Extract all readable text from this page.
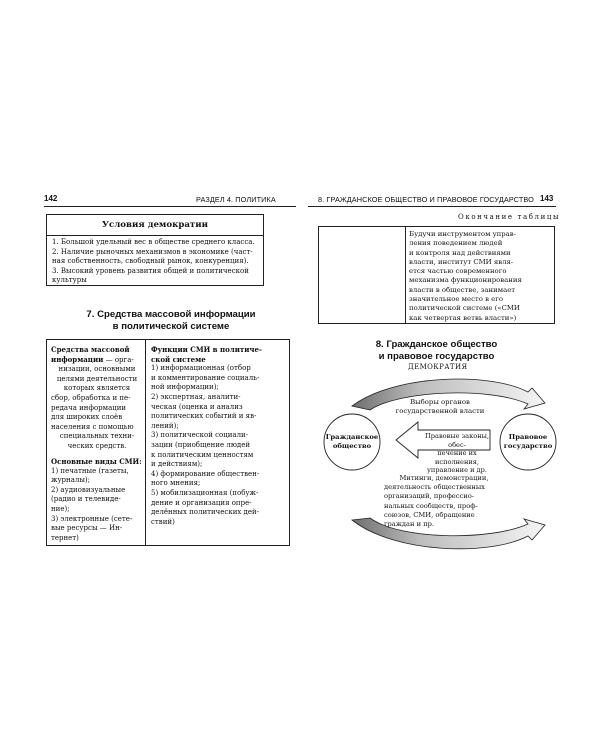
142	РАЗДЕЛ 4. ПОЛИТИКА
Условия демократии
1. Большой удельный вес в обществе среднего класса.
2. Наличие рыночных механизмов в экономике (част-
ная собственность, свободный рынок, конкуренция).
3. Высокий уровень развития общей и политической
культуры
7. Средства массовой информации
в политической системе
Средства массовой
информации — орга-
низации, основными
целями деятельности
которых является
сбор, обработка и пе-
редача информации
для широких слоёв
населения с помощью
специальных техни-
ческих средств.
Основные виды СМИ:
1) печатные (газеты,
журналы);
2) аудиовизуальные
(радио и телевиде-
ние);
3) электронные (сете-
вые ресурсы — Ин-
тернет)
Функции СМИ в политиче-
ской системе
1) информационная (отбор
и комментирование социаль-
ной информации);
2) экспертная, аналити-
ческая (оценка и анализ
политических событий и яв-
лений);
3) политической социали-
зации (приобщение людей
к политическим ценностям
и действиям);
4) формирование обществен-
ного мнения;
5) мобилизационная (побуж-
дение и организация опре-
делённых политических дей-
ствий)
8. ГРАЖДАНСКОЕ ОБЩЕСТВО И ПРАВОВОЕ ГОСУДАРСТВО 143
Окончание таблицы
Будучи инструментом управ-
ления поведением людей
и контроля над действиями
власти, институт СМИ явля-
ется частью современного
механизма функционирования
власти в обществе, занимает
значительное место в его
политической системе («СМИ
как четвертая ветвь власти»)
8. Гражданское общество
и правовое государство
ДЕМОКРАТИЯ
Выборы органов
государственной власти
Гражданское
общество
Правовое
государство
Правовые законы, обес-
печение их исполнения,
управление и др.
Митинги, демонстрации,
деятельность общественных
организаций, профессио-
нальных сообществ, проф-
союзов, СМИ, обращение
граждан и пр.
